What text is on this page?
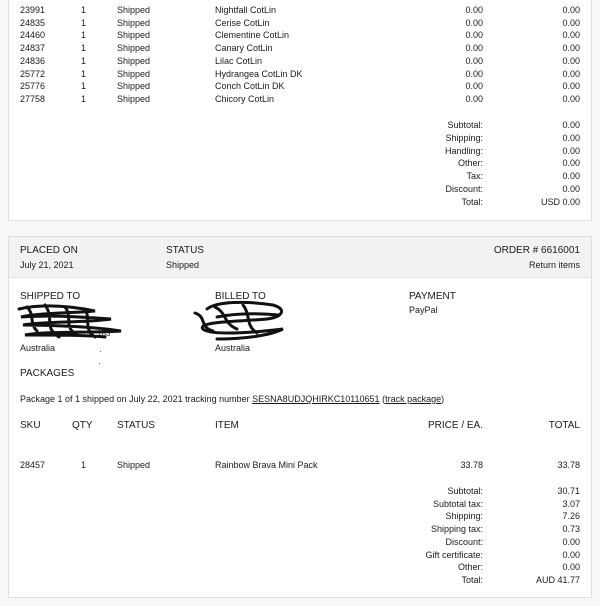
23991	1	Shipped	Nightfall CotLin	0.00	0.00
24835	1	Shipped	Cerise CotLin	0.00	0.00
24460	1	Shipped	Clementine CotLin	0.00	0.00
24837	1	Shipped	Canary CotLin	0.00	0.00
24836	1	Shipped	Lilac CotLin	0.00	0.00
25772	1	Shipped	Hydrangea CotLin DK	0.00	0.00
25776	1	Shipped	Conch CotLin DK	0.00	0.00
27758	1	Shipped	Chicory CotLin	0.00	0.00
Subtotal:	0.00
Shipping:	0.00
Handling:	0.00
Other:	0.00
Tax:	0.00
Discount:	0.00
Total:	USD 0.00
PLACED ON
July 21, 2021
STATUS
Shipped
ORDER # 6616001
Return items
SHIPPED TO	BILLED TO	PAYMENT
PayPal
183
Australia	·
·
Australia
PACKAGES
Package 1 of 1 shipped on July 22, 2021 tracking number SESNA8UDJQHIRKC10110651 (track package)
SKU	QTY STATUS	ITEM	PRICE / EA.	TOTAL
28457	1	Shipped	Rainbow Brava Mini Pack	33.78	33.78
Subtotal:	30.71
Subtotal tax:	3.07
Shipping:	7.26
Shipping tax:	0.73
Discount:	0.00
Gift certificate:	0.00
Other:	0.00
Total:	AUD 41.77
